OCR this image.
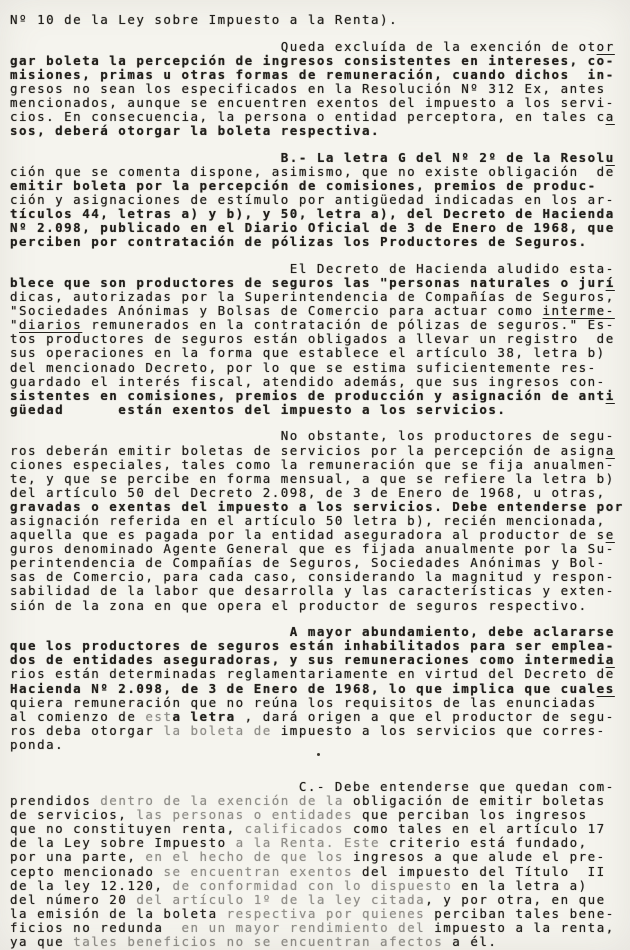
Nº 10 de la Ley sobre Impuesto a la Renta).
Queda excluída de la exención de otor
gar boleta la percepción de ingresos consistentes en intereses, co-
misiones, primas u otras formas de remuneración, cuando dichos  in-
gresos no sean los especificados en la Resolución Nº 312 Ex, antes
mencionados, aunque se encuentren exentos del impuesto a los servi-
cios. En consecuencia, la persona o entidad perceptora, en tales ca
sos, deberá otorgar la boleta respectiva.
B.- La letra G del Nº 2º de la Resolu
ción que se comenta dispone, asimismo, que no existe obligación  de
emitir boleta por la percepción de comisiones, premios de produc-
ción y asignaciones de estímulo por antigüedad indicadas en los ar-
tículos 44, letras a) y b), y 50, letra a), del Decreto de Hacienda
Nº 2.098, publicado en el Diario Oficial de 3 de Enero de 1968, que
perciben por contratación de pólizas los Productores de Seguros.
El Decreto de Hacienda aludido esta-
blece que son productores de seguros las "personas naturales o jurí
dicas, autorizadas por la Superintendencia de Compañías de Seguros,
"Sociedades Anónimas y Bolsas de Comercio para actuar como interme-
"diarios remunerados en la contratación de pólizas de seguros." Es-
tos productores de seguros están obligados a llevar un registro  de
sus operaciones en la forma que establece el artículo 38, letra b)
del mencionado Decreto, por lo que se estima suficientemente res-
guardado el interés fiscal, atendido además, que sus ingresos con-
sistentes en comisiones, premios de producción y asignación de anti
güedad      están exentos del impuesto a los servicios.
No obstante, los productores de segu-
ros deberán emitir boletas de servicios por la percepción de asigna
ciones especiales, tales como la remuneración que se fija anualmen-
te, y que se percibe en forma mensual, a que se refiere la letra b)
del artículo 50 del Decreto 2.098, de 3 de Enero de 1968, u otras,
gravadas o exentas del impuesto a los servicios. Debe entenderse por
asignación referida en el artículo 50 letra b), recién mencionada,
aquella que es pagada por la entidad aseguradora al productor de se
guros denominado Agente General que es fijada anualmente por la Su-
perintendencia de Compañías de Seguros, Sociedades Anónimas y Bol-
sas de Comercio, para cada caso, considerando la magnitud y respon-
sabilidad de la labor que desarrolla y las características y exten-
sión de la zona en que opera el productor de seguros respectivo.
A mayor abundamiento, debe aclararse
que los productores de seguros están inhabilitados para ser emplea-
dos de entidades aseguradoras, y sus remuneraciones como intermedia
rios están determinadas reglamentariamente en virtud del Decreto de
Hacienda Nº 2.098, de 3 de Enero de 1968, lo que implica que cuales
quiera remuneración que no reúna los requisitos de las enunciadas
al comienzo de esta letra , dará origen a que el productor de segu-
ros deba otorgar la boleta de impuesto a los servicios que corres-
ponda.
C.- Debe entenderse que quedan com-
prendidos dentro de la exención de la obligación de emitir boletas
de servicios, las personas o entidades que perciban los ingresos
que no constituyen renta, calificados como tales en el artículo 17
de la Ley sobre Impuesto a la Renta. Este criterio está fundado,
por una parte, en el hecho de que los ingresos a que alude el pre-
cepto mencionado se encuentran exentos del impuesto del Título  II
de la ley 12.120, de conformidad con lo dispuesto en la letra a)
del número 20 del artículo 1º de la ley citada, y por otra, en que
la emisión de la boleta respectiva por quienes perciban tales bene-
ficios no redunda  en un mayor rendimiento del impuesto a la renta,
ya que tales beneficios no se encuentran afectos a él.
